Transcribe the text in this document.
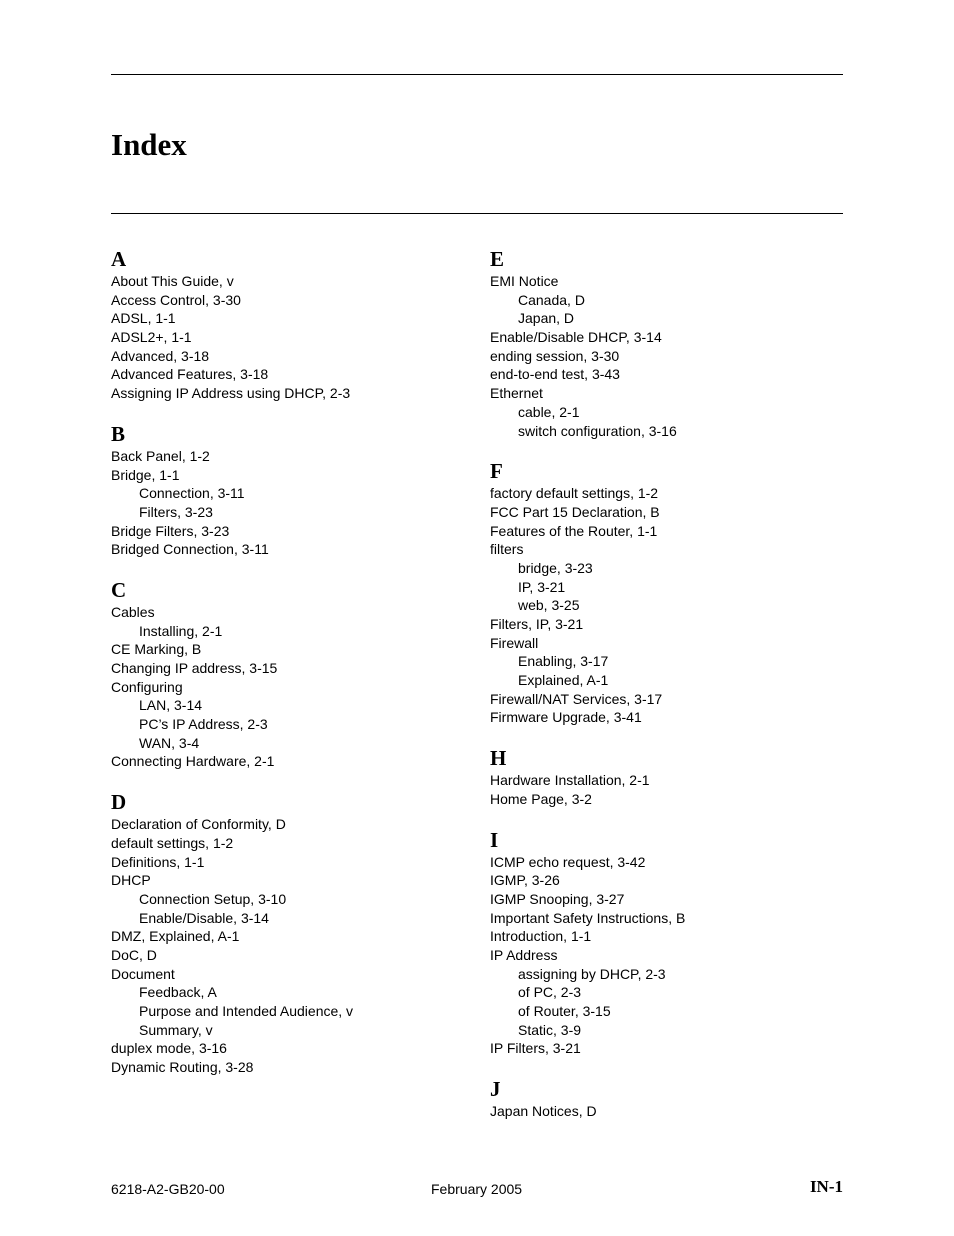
Index
A
About This Guide, v
Access Control, 3-30
ADSL, 1-1
ADSL2+, 1-1
Advanced, 3-18
Advanced Features, 3-18
Assigning IP Address using DHCP, 2-3
B
Back Panel, 1-2
Bridge, 1-1
Connection, 3-11
Filters, 3-23
Bridge Filters, 3-23
Bridged Connection, 3-11
C
Cables
Installing, 2-1
CE Marking, B
Changing IP address, 3-15
Configuring
LAN, 3-14
PC’s IP Address, 2-3
WAN, 3-4
Connecting Hardware, 2-1
D
Declaration of Conformity, D
default settings, 1-2
Definitions, 1-1
DHCP
Connection Setup, 3-10
Enable/Disable, 3-14
DMZ, Explained, A-1
DoC, D
Document
Feedback, A
Purpose and Intended Audience, v
Summary, v
duplex mode, 3-16
Dynamic Routing, 3-28
E
EMI Notice
Canada, D
Japan, D
Enable/Disable DHCP, 3-14
ending session, 3-30
end-to-end test, 3-43
Ethernet
cable, 2-1
switch configuration, 3-16
F
factory default settings, 1-2
FCC Part 15 Declaration, B
Features of the Router, 1-1
filters
bridge, 3-23
IP, 3-21
web, 3-25
Filters, IP, 3-21
Firewall
Enabling, 3-17
Explained, A-1
Firewall/NAT Services, 3-17
Firmware Upgrade, 3-41
H
Hardware Installation, 2-1
Home Page, 3-2
I
ICMP echo request, 3-42
IGMP, 3-26
IGMP Snooping, 3-27
Important Safety Instructions, B
Introduction, 1-1
IP Address
assigning by DHCP, 2-3
of PC, 2-3
of Router, 3-15
Static, 3-9
IP Filters, 3-21
J
Japan Notices, D
6218-A2-GB20-00	February 2005	IN-1
